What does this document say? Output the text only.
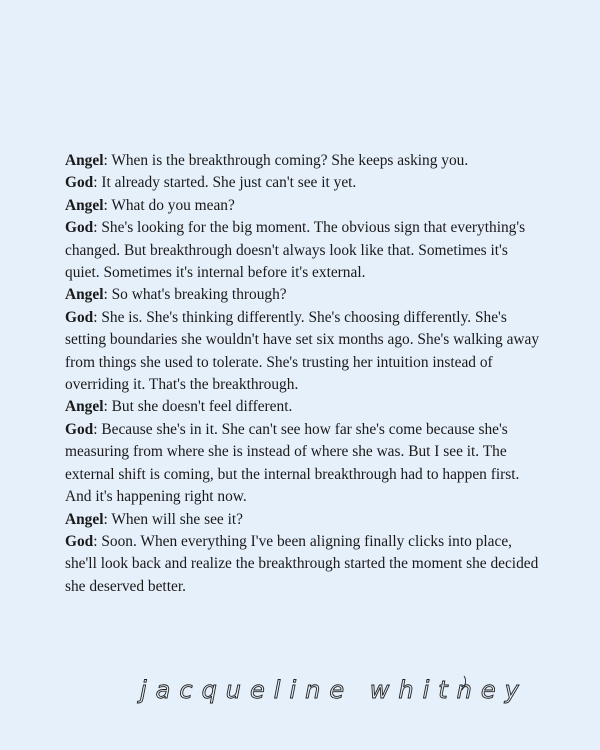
Angel: When is the breakthrough coming? She keeps asking you.

God: It already started. She just can't see it yet.

Angel: What do you mean?

God: She's looking for the big moment. The obvious sign that everything's changed. But breakthrough doesn't always look like that. Sometimes it's quiet. Sometimes it's internal before it's external.

Angel: So what's breaking through?

God: She is. She's thinking differently. She's choosing differently. She's setting boundaries she wouldn't have set six months ago. She's walking away from things she used to tolerate. She's trusting her intuition instead of overriding it. That's the breakthrough.

Angel: But she doesn't feel different.

God: Because she's in it. She can't see how far she's come because she's measuring from where she is instead of where she was. But I see it. The external shift is coming, but the internal breakthrough had to happen first. And it's happening right now.

Angel: When will she see it?

God: Soon. When everything I've been aligning finally clicks into place, she'll look back and realize the breakthrough started the moment she decided she deserved better.

jacqueline whitney
